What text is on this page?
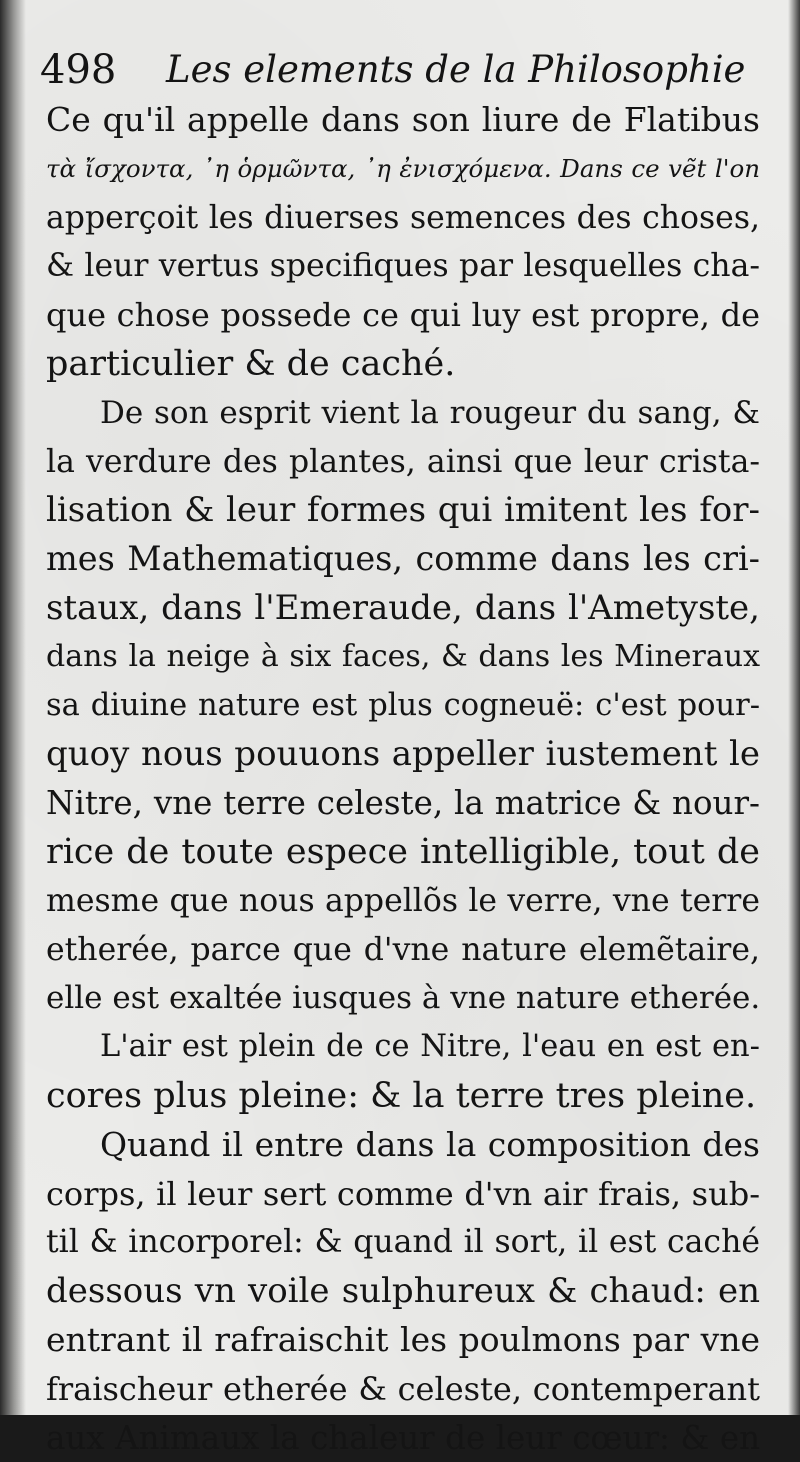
498 Les elements de la Philosophie
Ce qu'il appelle dans son liure de Flatibus
τὰ ἴσχοντα, ᾽η ὁρμῶντα, ᾽η ἐνισχόμενα. Dans ce vẽt l'on
apperçoit les diuerses semences des choses,
& leur vertus specifiques par lesquelles cha-
que chose possede ce qui luy est propre, de
particulier & de caché.
De son esprit vient la rougeur du sang, &
la verdure des plantes, ainsi que leur crista-
lisation & leur formes qui imitent les for-
mes Mathematiques, comme dans les cri-
staux, dans l'Emeraude, dans l'Ametyste,
dans la neige à six faces, & dans les Mineraux
sa diuine nature est plus cogneuë: c'est pour-
quoy nous pouuons appeller iustement le
Nitre, vne terre celeste, la matrice & nour-
rice de toute espece intelligible, tout de
mesme que nous appellõs le verre, vne terre
etherée, parce que d'vne nature elemẽtaire,
elle est exaltée iusques à vne nature etherée.
L'air est plein de ce Nitre, l'eau en est en-
cores plus pleine: & la terre tres pleine.
Quand il entre dans la composition des
corps, il leur sert comme d'vn air frais, sub-
til & incorporel: & quand il sort, il est caché
dessous vn voile sulphureux & chaud: en
entrant il rafraischit les poulmons par vne
fraischeur etherée & celeste, contemperant
aux Animaux la chaleur de leur cœur: & en
